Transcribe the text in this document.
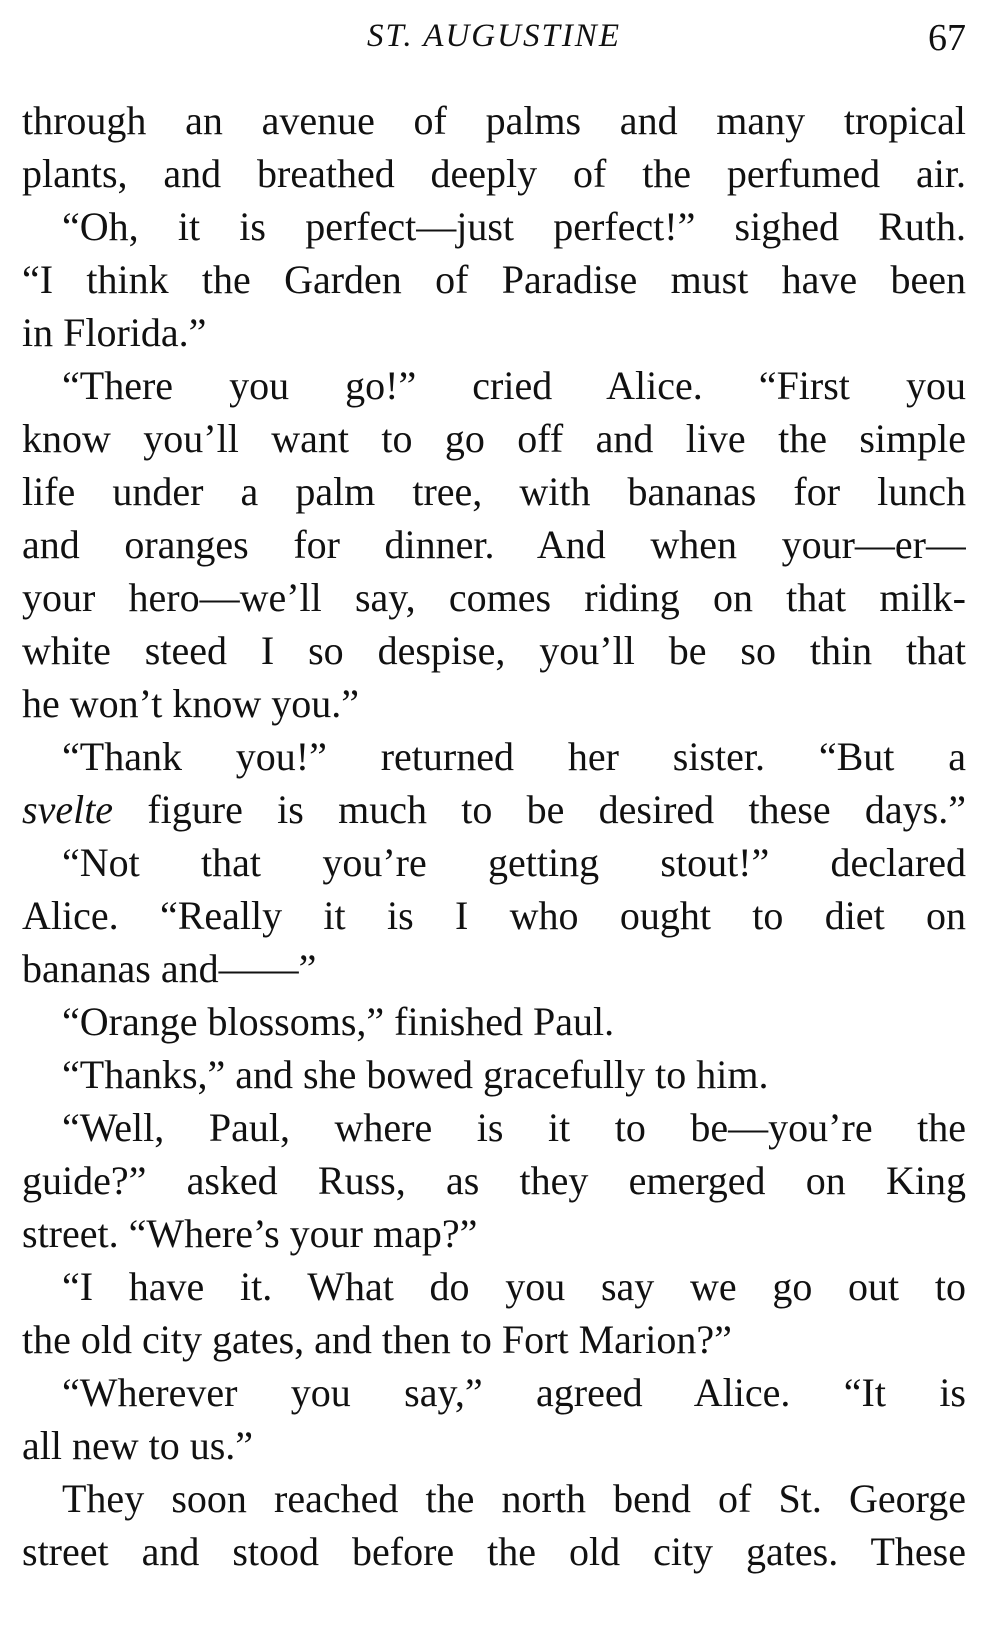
ST. AUGUSTINE	67
through an avenue of palms and many tropical
plants, and breathed deeply of the perfumed air.
“Oh, it is perfect—just perfect!” sighed Ruth.
“I think the Garden of Paradise must have been
in Florida.”
“There you go!” cried Alice. “First you
know you’ll want to go off and live the simple
life under a palm tree, with bananas for lunch
and oranges for dinner. And when your—er—
your hero—we’ll say, comes riding on that milk-
white steed I so despise, you’ll be so thin that
he won’t know you.”
“Thank you!” returned her sister. “But a
svelte figure is much to be desired these days.”
“Not that you’re getting stout!” declared
Alice. “Really it is I who ought to diet on
bananas and——”
“Orange blossoms,” finished Paul.
“Thanks,” and she bowed gracefully to him.
“Well, Paul, where is it to be—you’re the
guide?” asked Russ, as they emerged on King
street. “Where’s your map?”
“I have it. What do you say we go out to
the old city gates, and then to Fort Marion?”
“Wherever you say,” agreed Alice. “It is
all new to us.”
They soon reached the north bend of St. George
street and stood before the old city gates. These
